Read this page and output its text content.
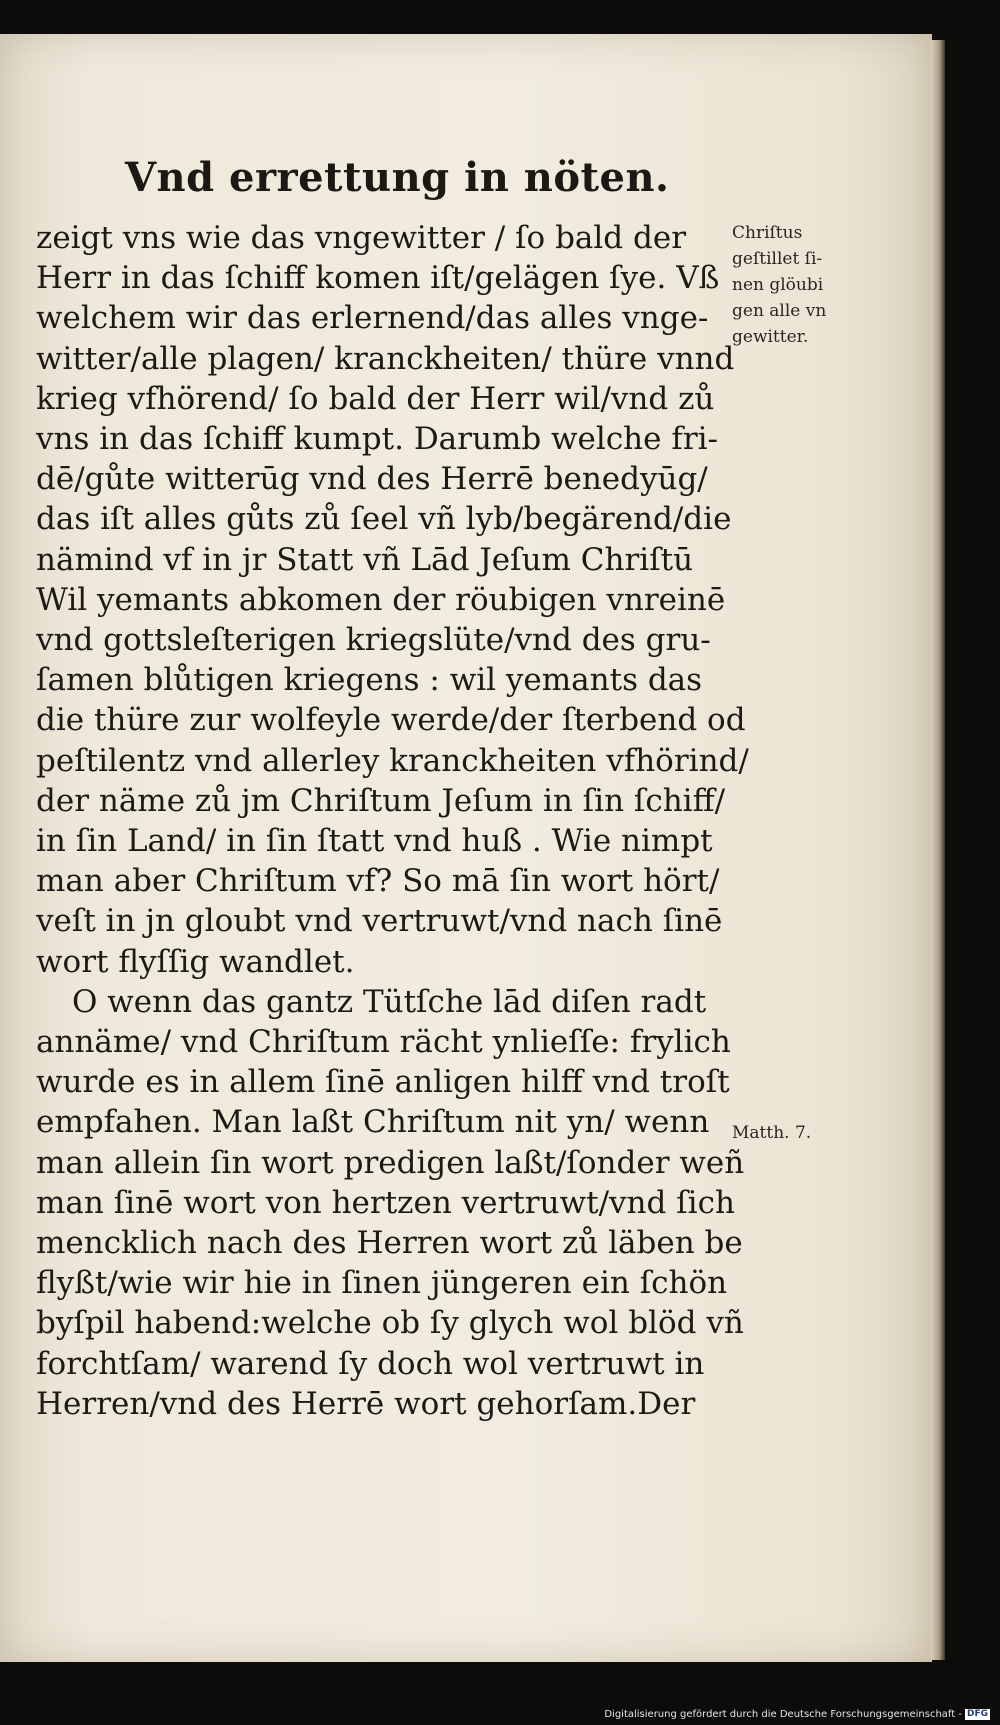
Vnd errettung in nöten.
zeigt vns wie das vngewitter / ſo bald der
Herr in das ſchiff komen iſt/gelägen ſye. Vß
welchem wir das erlernend/das alles vnge-
witter/alle plagen/ kranckheiten/ thüre vnnd
krieg vfhörend/ ſo bald der Herr wil/vnd zů
vns in das ſchiff kumpt. Darumb welche fri-
dē/gůte witterūg vnd des Herrē benedyūg/
das iſt alles gůts zů ſeel vñ lyb/begärend/die
nämind vf in jr Statt vñ Lād Jeſum Chriſtū
Wil yemants abkomen der röubigen vnreinē
vnd gottsleſterigen kriegslüte/vnd des gru-
ſamen blůtigen kriegens : wil yemants das
die thüre zur wolfeyle werde/der ſterbend od
peſtilentz vnd allerley kranckheiten vfhörind/
der näme zů jm Chriſtum Jeſum in ſin ſchiff/
in ſin Land/ in ſin ſtatt vnd huß . Wie nimpt
man aber Chriſtum vf? So mā ſin wort hört/
veſt in jn gloubt vnd vertruwt/vnd nach ſinē
wort flyſſig wandlet.
O wenn das gantz Tütſche lād diſen radt
annäme/ vnd Chriſtum rächt ynlieſſe: frylich
wurde es in allem ſinē anligen hilff vnd troſt
empfahen. Man laßt Chriſtum nit yn/ wenn
man allein ſin wort predigen laßt/ſonder weñ
man ſinē wort von hertzen vertruwt/vnd ſich
mencklich nach des Herren wort zů läben be
flyßt/wie wir hie in ſinen jüngeren ein ſchön
byſpil habend:welche ob ſy glych wol blöd vñ
forchtſam/ warend ſy doch wol vertruwt in
Herren/vnd des Herrē wort gehorſam.Der
Chriſtus
geſtillet ſi-
nen glöubi
gen alle vn
gewitter.
Matth. 7.
Digitalisierung gefördert durch die Deutsche Forschungsgemeinschaft - DFG
